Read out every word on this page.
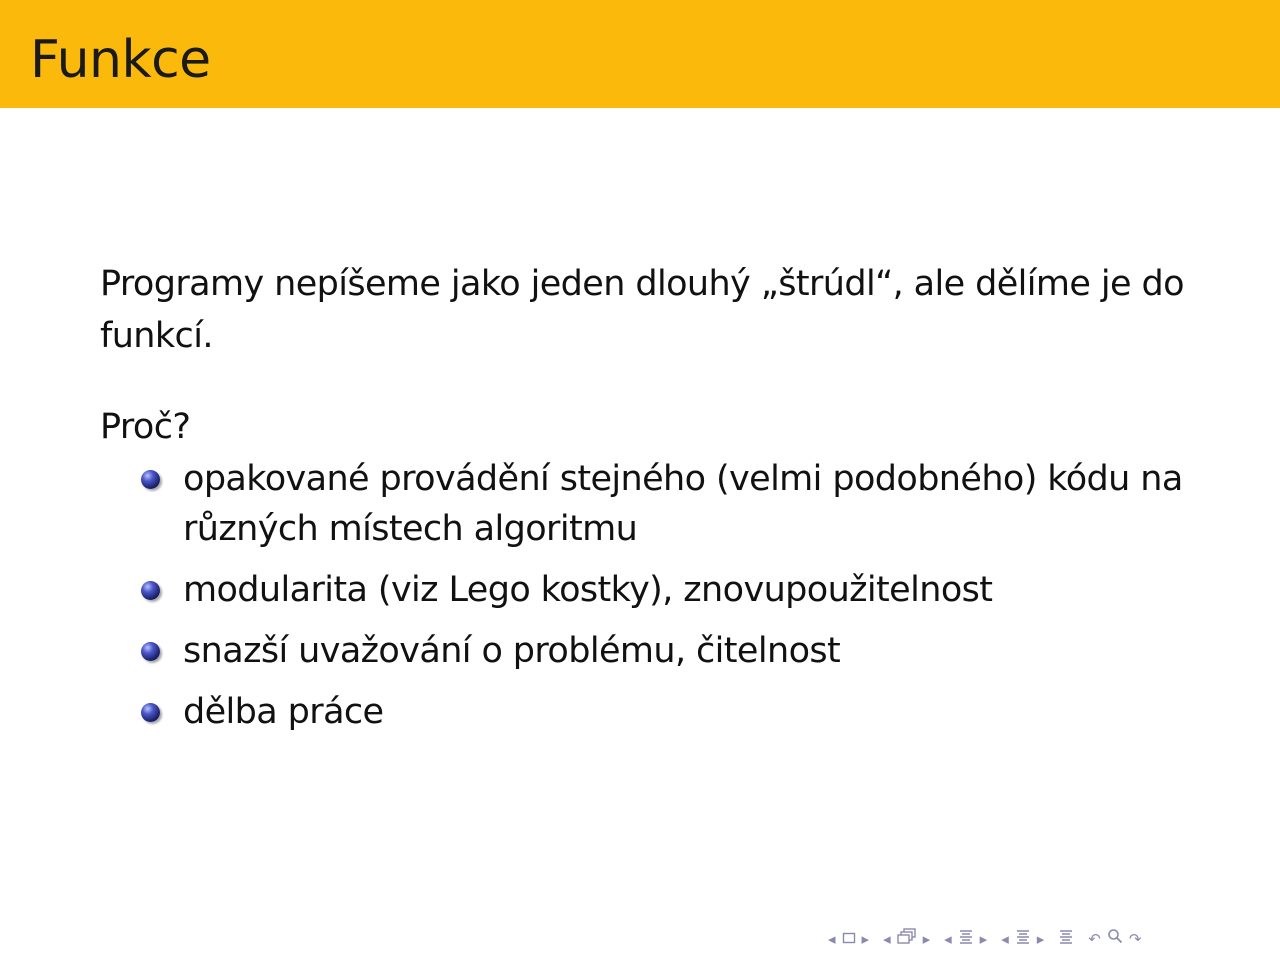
Funkce

Programy nepíšeme jako jeden dlouhý „štrúdl“, ale dělíme je do funkcí.

Proč?

opakované provádění stejného (velmi podobného) kódu na různých místech algoritmu
modularita (viz Lego kostky), znovupoužitelnost
snazší uvažování o problému, čitelnost
dělba práce
◂ ▸ ◂ ▸ ◂ ▸ ◂ ▸	↶ ↷
